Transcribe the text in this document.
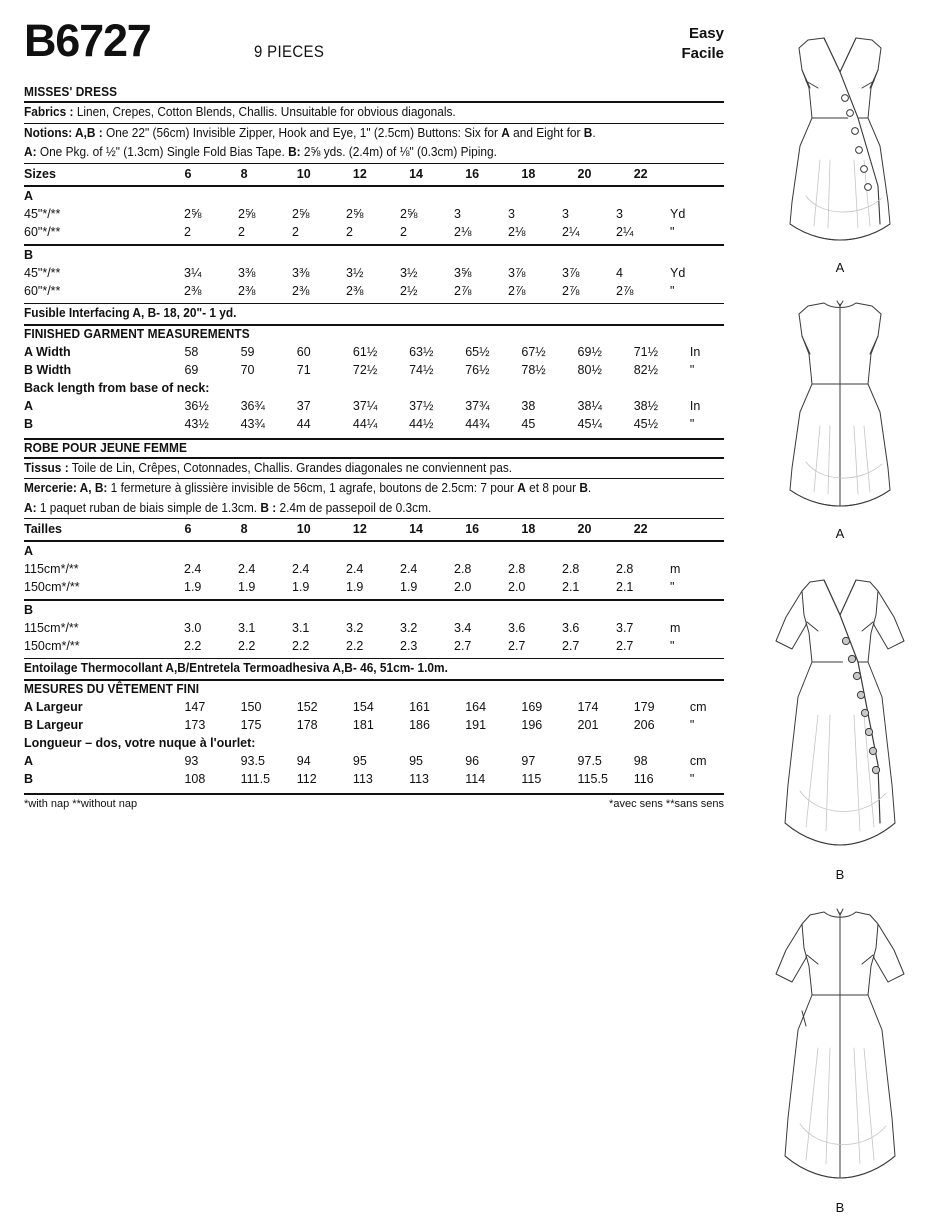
B6727	9 PIECES
Easy
Facile
MISSES' DRESS
Fabrics : Linen, Crepes, Cotton Blends, Challis. Unsuitable for obvious diagonals.
Notions: A,B : One 22" (56cm) Invisible Zipper, Hook and Eye, 1" (2.5cm) Buttons: Six for A and Eight for B.
A: One Pkg. of ½" (1.3cm) Single Fold Bias Tape. B: 2⅝ yds. (2.4m) of ⅛" (0.3cm) Piping.
Sizes	6	8	10	12	14	16	18	20	22	
A										
45"*/**	2⅝	2⅝	2⅝	2⅝	2⅝	3	3	3	3	Yd
60"*/**	2	2	2	2	2	2⅛	2⅛	2¼	2¼	"
B										
45"*/**	3¼	3⅜	3⅜	3½	3½	3⅝	3⅞	3⅞	4	Yd
60"*/**	2⅜	2⅜	2⅜	2⅜	2½	2⅞	2⅞	2⅞	2⅞	"
Fusible Interfacing A, B- 18, 20"- 1 yd.
FINISHED GARMENT MEASUREMENTS
A Width	58	59	60	61½	63½	65½	67½	69½	71½	In
B Width	69	70	71	72½	74½	76½	78½	80½	82½	"
Back length from base of neck:										
A	36½	36¾	37	37¼	37½	37¾	38	38¼	38½	In
B	43½	43¾	44	44¼	44½	44¾	45	45¼	45½	"
ROBE POUR JEUNE FEMME
Tissus : Toile de Lin, Crêpes, Cotonnades, Challis. Grandes diagonales ne conviennent pas.
Mercerie: A, B: 1 fermeture à glissière invisible de 56cm, 1 agrafe, boutons de 2.5cm: 7 pour A et 8 pour B.
A: 1 paquet ruban de biais simple de 1.3cm. B : 2.4m de passepoil de 0.3cm.
Tailles	6	8	10	12	14	16	18	20	22	
A										
115cm*/**	2.4	2.4	2.4	2.4	2.4	2.8	2.8	2.8	2.8	m
150cm*/**	1.9	1.9	1.9	1.9	1.9	2.0	2.0	2.1	2.1	"
B										
115cm*/**	3.0	3.1	3.1	3.2	3.2	3.4	3.6	3.6	3.7	m
150cm*/**	2.2	2.2	2.2	2.2	2.3	2.7	2.7	2.7	2.7	"
Entoilage Thermocollant A,B/Entretela Termoadhesiva A,B- 46, 51cm- 1.0m.
MESURES DU VÊTEMENT FINI
A Largeur	147	150	152	154	161	164	169	174	179	cm
B Largeur	173	175	178	181	186	191	196	201	206	"
Longueur – dos, votre nuque à l'ourlet:										
A	93	93.5	94	95	95	96	97	97.5	98	cm
B	108	111.5	112	113	113	114	115	115.5	116	"
*with nap **without nap	*avec sens **sans sens
A
A
B
B
